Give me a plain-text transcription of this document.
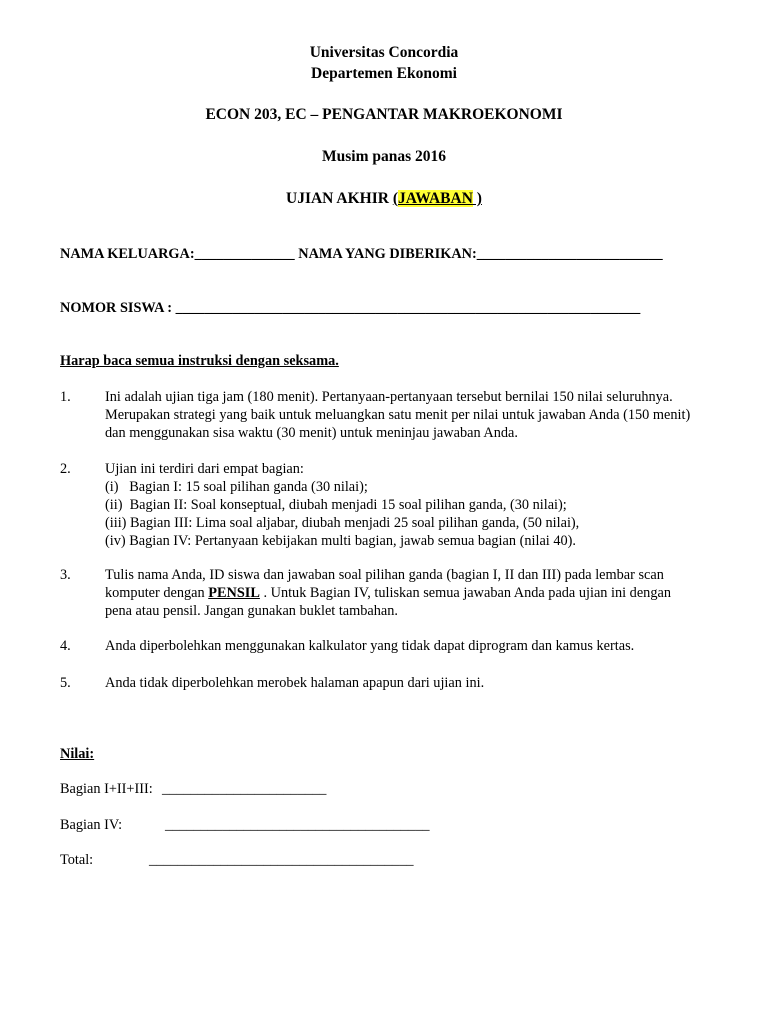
Universitas Concordia
Departemen Ekonomi
ECON 203, EC – PENGANTAR MAKROEKONOMI
Musim panas 2016
UJIAN AKHIR (JAWABAN )
NAMA KELUARGA:______________ NAMA YANG DIBERIKAN:__________________________
NOMOR SISWA : _________________________________________________________________
Harap baca semua instruksi dengan seksama.
1. Ini adalah ujian tiga jam (180 menit). Pertanyaan-pertanyaan tersebut bernilai 150 nilai seluruhnya.
Merupakan strategi yang baik untuk meluangkan satu menit per nilai untuk jawaban Anda (150 menit)
dan menggunakan sisa waktu (30 menit) untuk meninjau jawaban Anda.
2. Ujian ini terdiri dari empat bagian:
(i)   Bagian I: 15 soal pilihan ganda (30 nilai);
(ii)  Bagian II: Soal konseptual, diubah menjadi 15 soal pilihan ganda, (30 nilai);
(iii) Bagian III: Lima soal aljabar, diubah menjadi 25 soal pilihan ganda, (50 nilai),
(iv) Bagian IV: Pertanyaan kebijakan multi bagian, jawab semua bagian (nilai 40).
3. Tulis nama Anda, ID siswa dan jawaban soal pilihan ganda (bagian I, II dan III) pada lembar scan
komputer dengan PENSIL . Untuk Bagian IV, tuliskan semua jawaban Anda pada ujian ini dengan
pena atau pensil. Jangan gunakan buklet tambahan.
4. Anda diperbolehkan menggunakan kalkulator yang tidak dapat diprogram dan kamus kertas.
5. Anda tidak diperbolehkan merobek halaman apapun dari ujian ini.
Nilai:
Bagian I+II+III: _______________________
Bagian IV:	_____________________________________
Total:	_____________________________________
